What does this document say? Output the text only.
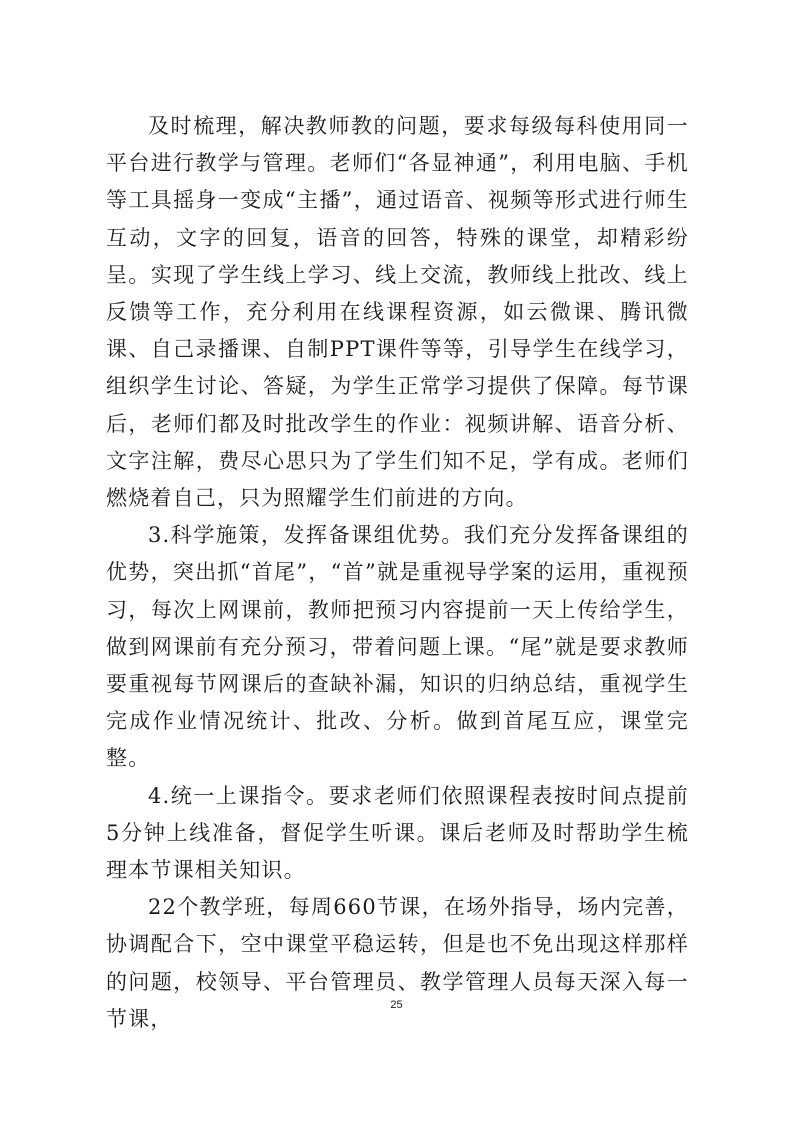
及时梳理，解决教师教的问题，要求每级每科使用同一平台进行教学与管理。老师们“各显神通”，利用电脑、手机等工具摇身一变成“主播”，通过语音、视频等形式进行师生互动，文字的回复，语音的回答，特殊的课堂，却精彩纷呈。实现了学生线上学习、线上交流，教师线上批改、线上反馈等工作，充分利用在线课程资源，如云微课、腾讯微课、自己录播课、自制PPT课件等等，引导学生在线学习，组织学生讨论、答疑，为学生正常学习提供了保障。每节课后，老师们都及时批改学生的作业：视频讲解、语音分析、文字注解，费尽心思只为了学生们知不足，学有成。老师们燃烧着自己，只为照耀学生们前进的方向。

3.科学施策，发挥备课组优势。我们充分发挥备课组的优势，突出抓“首尾”，“首”就是重视导学案的运用，重视预习，每次上网课前，教师把预习内容提前一天上传给学生，做到网课前有充分预习，带着问题上课。“尾”就是要求教师要重视每节网课后的查缺补漏，知识的归纳总结，重视学生完成作业情况统计、批改、分析。做到首尾互应，课堂完整。

4.统一上课指令。要求老师们依照课程表按时间点提前5分钟上线准备，督促学生听课。课后老师及时帮助学生梳理本节课相关知识。

22个教学班，每周660节课，在场外指导，场内完善，协调配合下，空中课堂平稳运转，但是也不免出现这样那样的问题，校领导、平台管理员、教学管理人员每天深入每一节课，

25
